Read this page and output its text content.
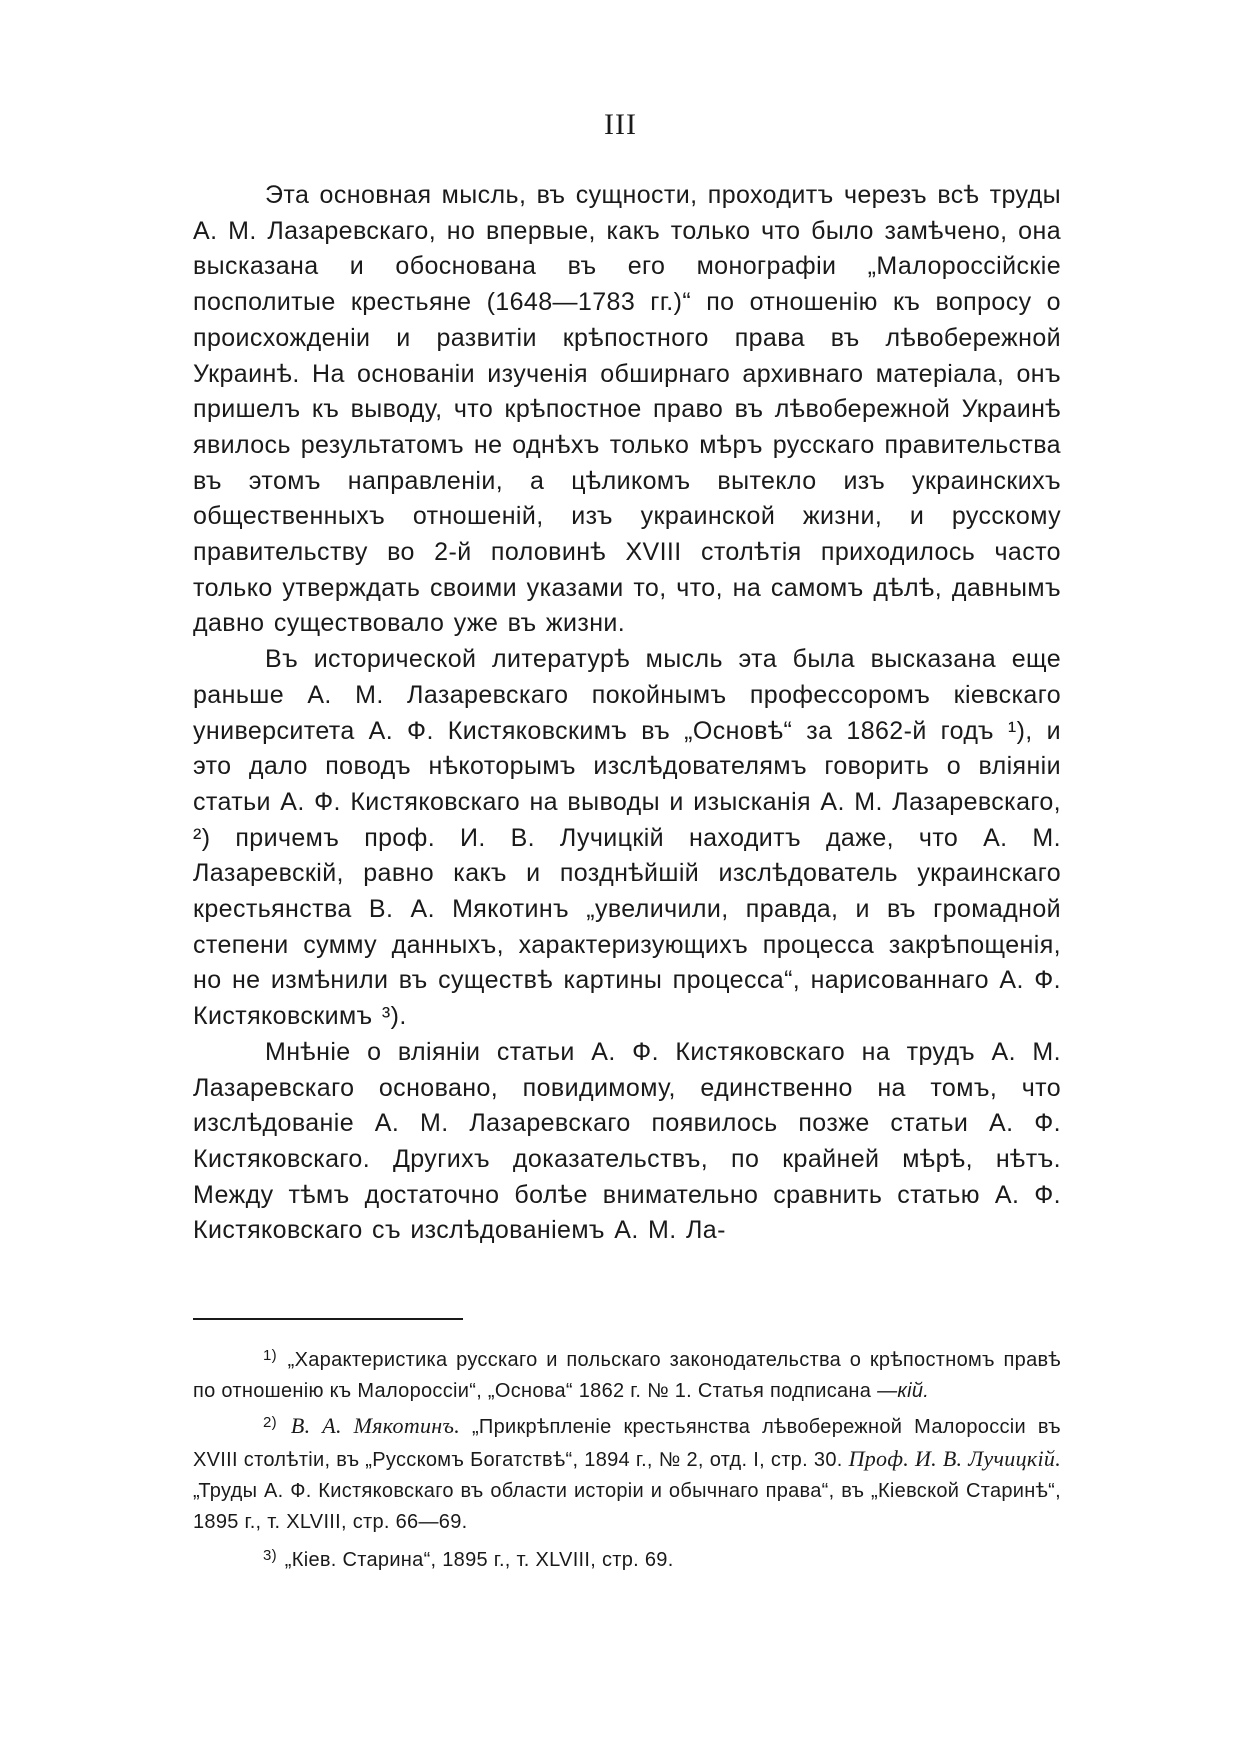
III

Эта основная мысль, въ сущности, проходитъ черезъ всѣ труды А. М. Лазаревскаго, но впервые, какъ только что было замѣчено, она высказана и обоснована въ его монографіи „Малороссійскіе посполитые крестьяне (1648—1783 гг.)“ по отношенію къ вопросу о происхожденіи и развитіи крѣпостного права въ лѣвобережной Украинѣ. На основаніи изученія обширнаго архивнаго матеріала, онъ пришелъ къ выводу, что крѣпостное право въ лѣвобережной Украинѣ явилось результатомъ не однѣхъ только мѣръ русскаго правительства въ этомъ направленіи, а цѣликомъ вытекло изъ украинскихъ общественныхъ отношеній, изъ украинской жизни, и русскому правительству во 2-й половинѣ XVIII столѣтія приходилось часто только утверждать своими указами то, что, на самомъ дѣлѣ, давнымъ давно существовало уже въ жизни.

Въ исторической литературѣ мысль эта была высказана еще раньше А. М. Лазаревскаго покойнымъ профессоромъ кіевскаго университета А. Ф. Кистяковскимъ въ „Основѣ“ за 1862-й годъ ¹), и это дало поводъ нѣкоторымъ изслѣдователямъ говорить о вліяніи статьи А. Ф. Кистяковскаго на выводы и изысканія А. М. Лазаревскаго, ²) причемъ проф. И. В. Лучицкій находитъ даже, что А. М. Лазаревскій, равно какъ и позднѣйшій изслѣдователь украинскаго крестьянства В. А. Мякотинъ „увеличили, правда, и въ громадной степени сумму данныхъ, характеризующихъ процесса закрѣпощенія, но не измѣнили въ существѣ картины процесса“, нарисованнаго А. Ф. Кистяковскимъ ³).

Мнѣніе о вліяніи статьи А. Ф. Кистяковскаго на трудъ А. М. Лазаревскаго основано, повидимому, единственно на томъ, что изслѣдованіе А. М. Лазаревскаго появилось позже статьи А. Ф. Кистяковскаго. Другихъ доказательствъ, по крайней мѣрѣ, нѣтъ. Между тѣмъ достаточно болѣе внимательно сравнить статью А. Ф. Кистяковскаго съ изслѣдованіемъ А. М. Ла-

$^{1)}$ „Характеристика русскаго и польскаго законодательства о крѣпостномъ правѣ по отношенію къ Малороссіи“, „Основа“ 1862 г. № 1. Статья подписана —кій.

$^{2)}$ В. А. Мякотинъ. „Прикрѣпленіе крестьянства лѣвобережной Малороссіи въ XVIII столѣтіи, въ „Русскомъ Богатствѣ“, 1894 г., № 2, отд. I, стр. 30. Проф. И. В. Лучицкій. „Труды А. Ф. Кистяковскаго въ области исторіи и обычнаго права“, въ „Кіевской Старинѣ“, 1895 г., т. XLVIII, стр. 66—69.

$^{3)}$ „Кіев. Старина“, 1895 г., т. XLVIII, стр. 69.
